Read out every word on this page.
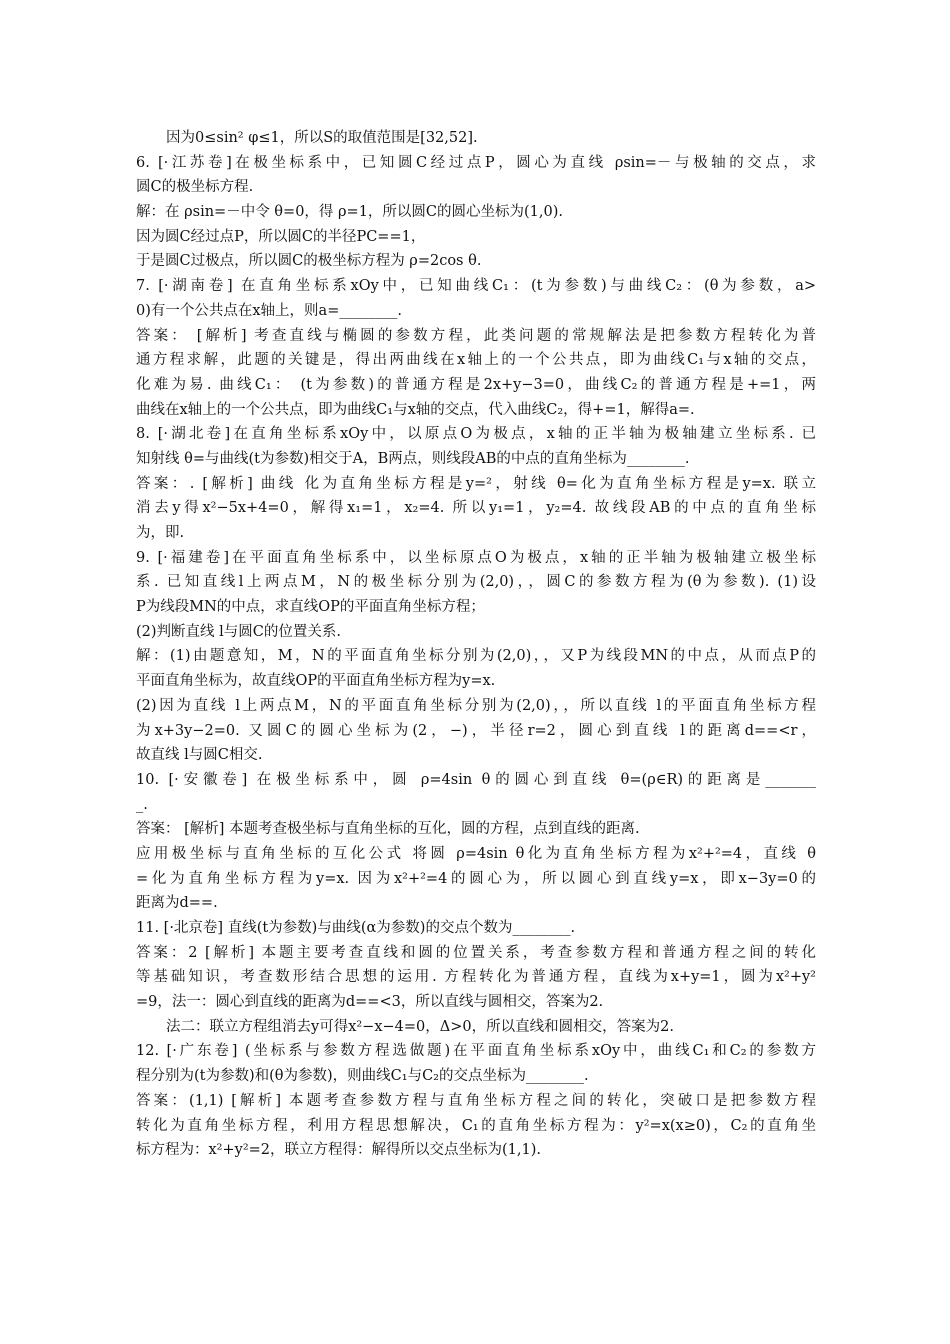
因为0≤sin² φ≤1，所以S的取值范围是[32,52].
6. [·江苏卷]在极坐标系中，已知圆C经过点P，圆心为直线 ρsin=－与极轴的交点，求
圆C的极坐标方程.
解：在 ρsin=－中令 θ=0，得 ρ=1，所以圆C的圆心坐标为(1,0).
因为圆C经过点P，所以圆C的半径PC==1，
于是圆C过极点，所以圆C的极坐标方程为 ρ=2cos θ.
7. [·湖南卷] 在直角坐标系xOy中，已知曲线C₁：(t为参数)与曲线C₂：(θ为参数，a>
0)有一个公共点在x轴上，则a=________.
答案： [解析] 考查直线与椭圆的参数方程，此类问题的常规解法是把参数方程转化为普
通方程求解，此题的关键是，得出两曲线在x轴上的一个公共点，即为曲线C₁与x轴的交点，
化难为易. 曲线C₁： (t为参数)的普通方程是2x+y−3=0，曲线C₂的普通方程是+=1，两
曲线在x轴上的一个公共点，即为曲线C₁与x轴的交点，代入曲线C₂，得+=1，解得a=.
8. [·湖北卷]在直角坐标系xOy中，以原点O为极点，x轴的正半轴为极轴建立坐标系. 已
知射线 θ=与曲线(t为参数)相交于A，B两点，则线段AB的中点的直角坐标为________.
答案：. [解析] 曲线 化为直角坐标方程是y=²，射线 θ=化为直角坐标方程是y=x. 联立
消去y得x²−5x+4=0，解得x₁=1，x₂=4. 所以y₁=1，y₂=4. 故线段AB的中点的直角坐标
为，即.
9. [·福建卷]在平面直角坐标系中，以坐标原点O为极点，x轴的正半轴为极轴建立极坐标
系. 已知直线l上两点M，N的极坐标分别为(2,0)，，圆C的参数方程为(θ为参数). (1)设
P为线段MN的中点，求直线OP的平面直角坐标方程；
(2)判断直线 l与圆C的位置关系.
解：(1)由题意知，M，N的平面直角坐标分别为(2,0)，，又P为线段MN的中点，从而点P的
平面直角坐标为，故直线OP的平面直角坐标方程为y=x.
(2)因为直线 l上两点M，N的平面直角坐标分别为(2,0)，，所以直线 l的平面直角坐标方程
为x+3y−2=0. 又圆C的圆心坐标为(2，−)，半径r=2，圆心到直线 l的距离d==<r，
故直线 l与圆C相交.
10. [·安徽卷] 在极坐标系中，圆 ρ=4sin θ的圆心到直线 θ=(ρ∈R)的距离是_______
_.
答案： [解析] 本题考查极坐标与直角坐标的互化，圆的方程，点到直线的距离.
应用极坐标与直角坐标的互化公式 将圆 ρ=4sin θ化为直角坐标方程为x²+²=4，直线 θ
=化为直角坐标方程为y=x. 因为x²+²=4的圆心为，所以圆心到直线y=x，即x−3y=0的
距离为d==.
11. [·北京卷] 直线(t为参数)与曲线(α为参数)的交点个数为________.
答案：2 [解析] 本题主要考查直线和圆的位置关系，考查参数方程和普通方程之间的转化
等基础知识，考查数形结合思想的运用. 方程转化为普通方程，直线为x+y=1，圆为x²+y²
=9，法一：圆心到直线的距离为d==<3，所以直线与圆相交，答案为2.
法二：联立方程组消去y可得x²−x−4=0，Δ>0，所以直线和圆相交，答案为2.
12. [·广东卷] (坐标系与参数方程选做题)在平面直角坐标系xOy中，曲线C₁和C₂的参数方
程分别为(t为参数)和(θ为参数)，则曲线C₁与C₂的交点坐标为________.
答案：(1,1) [解析] 本题考查参数方程与直角坐标方程之间的转化，突破口是把参数方程
转化为直角坐标方程，利用方程思想解决，C₁的直角坐标方程为：y²=x(x≥0)，C₂的直角坐
标方程为：x²+y²=2，联立方程得：解得所以交点坐标为(1,1).
